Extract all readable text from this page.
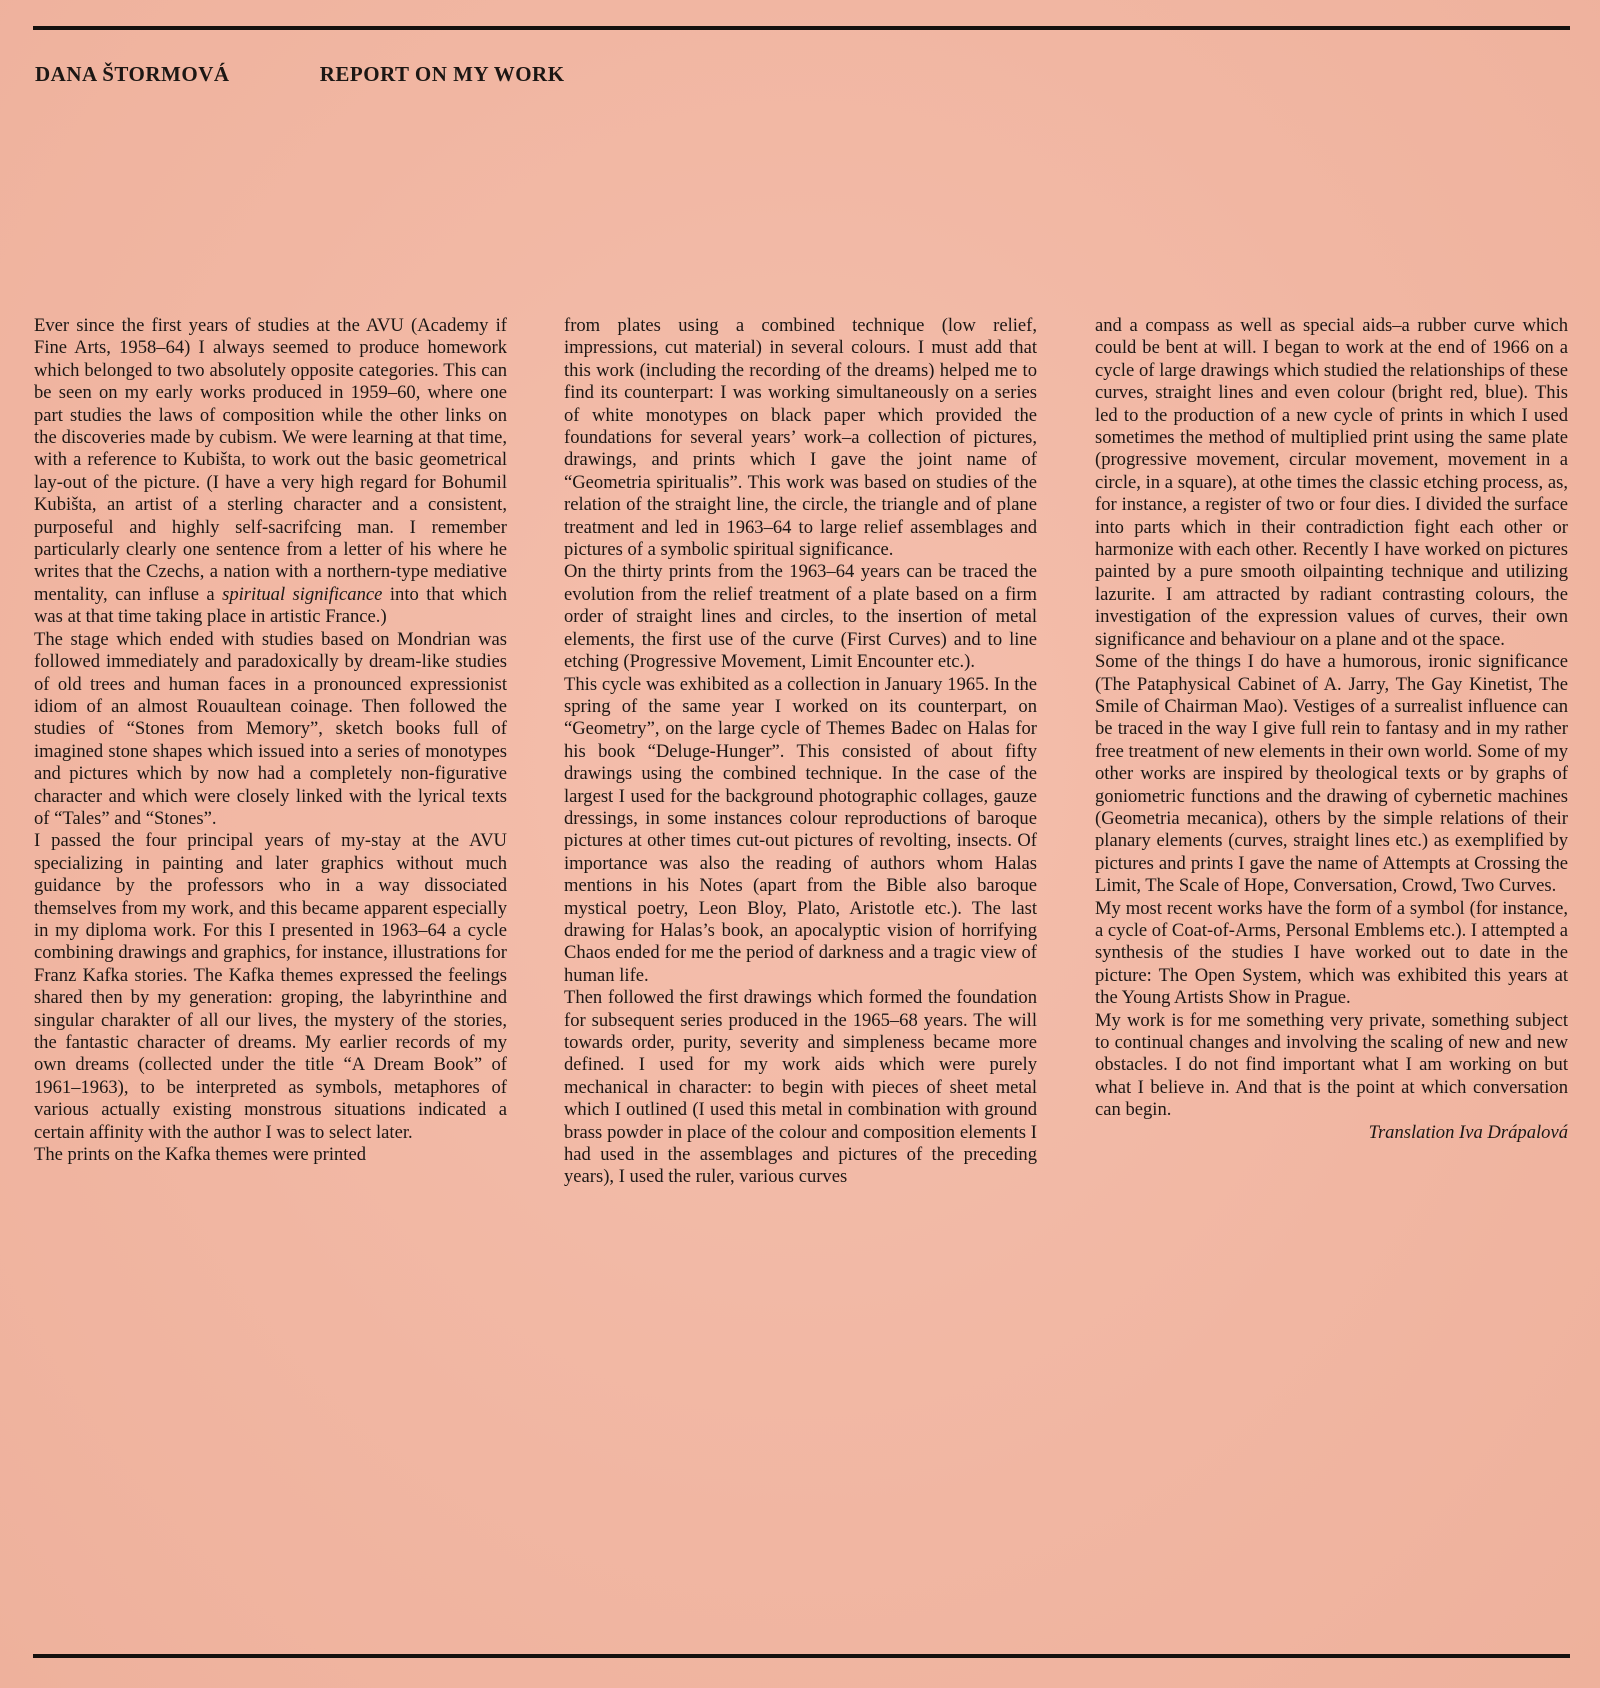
DANA ŠTORMOVÁ	REPORT ON MY WORK

Ever since the first years of studies at the AVU (Academy if Fine Arts, 1958–64) I always seemed to produce homework which belonged to two absolutely opposite categories. This can be seen on my early works produced in 1959–60, where one part studies the laws of composition while the other links on the discoveries made by cubism. We were learning at that time, with a reference to Kubišta, to work out the basic geometrical lay-out of the picture. (I have a very high regard for Bohumil Kubišta, an artist of a sterling character and a consistent, purposeful and highly self-sacrifcing man. I remember particularly clearly one sentence from a letter of his where he writes that the Czechs, a nation with a northern-type mediative mentality, can influse a spiritual significance into that which was at that time taking place in artistic France.)

The stage which ended with studies based on Mondrian was followed immediately and paradoxically by dream-like studies of old trees and human faces in a pronounced expressionist idiom of an almost Rouaultean coinage. Then followed the studies of “Stones from Memory”, sketch books full of imagined stone shapes which issued into a series of monotypes and pictures which by now had a completely non-figurative character and which were closely linked with the lyrical texts of “Tales” and “Stones”.

I passed the four principal years of my-stay at the AVU specializing in painting and later graphics without much guidance by the professors who in a way dissociated themselves from my work, and this became apparent especially in my diploma work. For this I presented in 1963–64 a cycle combining drawings and graphics, for instance, illustrations for Franz Kafka stories. The Kafka themes expressed the feelings shared then by my generation: groping, the labyrinthine and singular charakter of all our lives, the mystery of the stories, the fantastic character of dreams. My earlier records of my own dreams (collected under the title “A Dream Book” of 1961–1963), to be interpreted as symbols, metaphores of various actually existing monstrous situations indicated a certain affinity with the author I was to select later.

The prints on the Kafka themes were printed

from plates using a combined technique (low relief, impressions, cut material) in several colours. I must add that this work (including the recording of the dreams) helped me to find its counterpart: I was working simultaneously on a series of white monotypes on black paper which provided the foundations for several years’ work–a collection of pictures, drawings, and prints which I gave the joint name of “Geometria spiritualis”. This work was based on studies of the relation of the straight line, the circle, the triangle and of plane treatment and led in 1963–64 to large relief assemblages and pictures of a symbolic spiritual significance.

On the thirty prints from the 1963–64 years can be traced the evolution from the relief treatment of a plate based on a firm order of straight lines and circles, to the insertion of metal elements, the first use of the curve (First Curves) and to line etching (Progressive Movement, Limit Encounter etc.).

This cycle was exhibited as a collection in January 1965. In the spring of the same year I worked on its counterpart, on “Geometry”, on the large cycle of Themes Badec on Halas for his book “Deluge-Hunger”. This consisted of about fifty drawings using the combined technique. In the case of the largest I used for the background photographic collages, gauze dressings, in some instances colour reproductions of baroque pictures at other times cut-out pictures of revolting, insects. Of importance was also the reading of authors whom Halas mentions in his Notes (apart from the Bible also baroque mystical poetry, Leon Bloy, Plato, Aristotle etc.). The last drawing for Halas’s book, an apocalyptic vision of horrifying Chaos ended for me the period of darkness and a tragic view of human life.

Then followed the first drawings which formed the foundation for subsequent series produced in the 1965–68 years. The will towards order, purity, severity and simpleness became more defined. I used for my work aids which were purely mechanical in character: to begin with pieces of sheet metal which I outlined (I used this metal in combination with ground brass powder in place of the colour and composition elements I had used in the assemblages and pictures of the preceding years), I used the ruler, various curves

and a compass as well as special aids–a rubber curve which could be bent at will. I began to work at the end of 1966 on a cycle of large drawings which studied the relationships of these curves, straight lines and even colour (bright red, blue). This led to the production of a new cycle of prints in which I used sometimes the method of multiplied print using the same plate (progressive movement, circular movement, movement in a circle, in a square), at othe times the classic etching process, as, for instance, a register of two or four dies. I divided the surface into parts which in their contradiction fight each other or harmonize with each other. Recently I have worked on pictures painted by a pure smooth oilpainting technique and utilizing lazurite. I am attracted by radiant contrasting colours, the investigation of the expression values of curves, their own significance and behaviour on a plane and ot the space.

Some of the things I do have a humorous, ironic significance (The Pataphysical Cabinet of A. Jarry, The Gay Kinetist, The Smile of Chairman Mao). Vestiges of a surrealist influence can be traced in the way I give full rein to fantasy and in my rather free treatment of new elements in their own world. Some of my other works are inspired by theological texts or by graphs of goniometric functions and the drawing of cybernetic machines (Geometria mecanica), others by the simple relations of their planary elements (curves, straight lines etc.) as exemplified by pictures and prints I gave the name of Attempts at Crossing the Limit, The Scale of Hope, Conversation, Crowd, Two Curves.

My most recent works have the form of a symbol (for instance, a cycle of Coat-of-Arms, Personal Emblems etc.). I attempted a synthesis of the studies I have worked out to date in the picture: The Open System, which was exhibited this years at the Young Artists Show in Prague.

My work is for me something very private, something subject to continual changes and involving the scaling of new and new obstacles. I do not find important what I am working on but what I believe in. And that is the point at which conversation can begin.

Translation Iva Drápalová
